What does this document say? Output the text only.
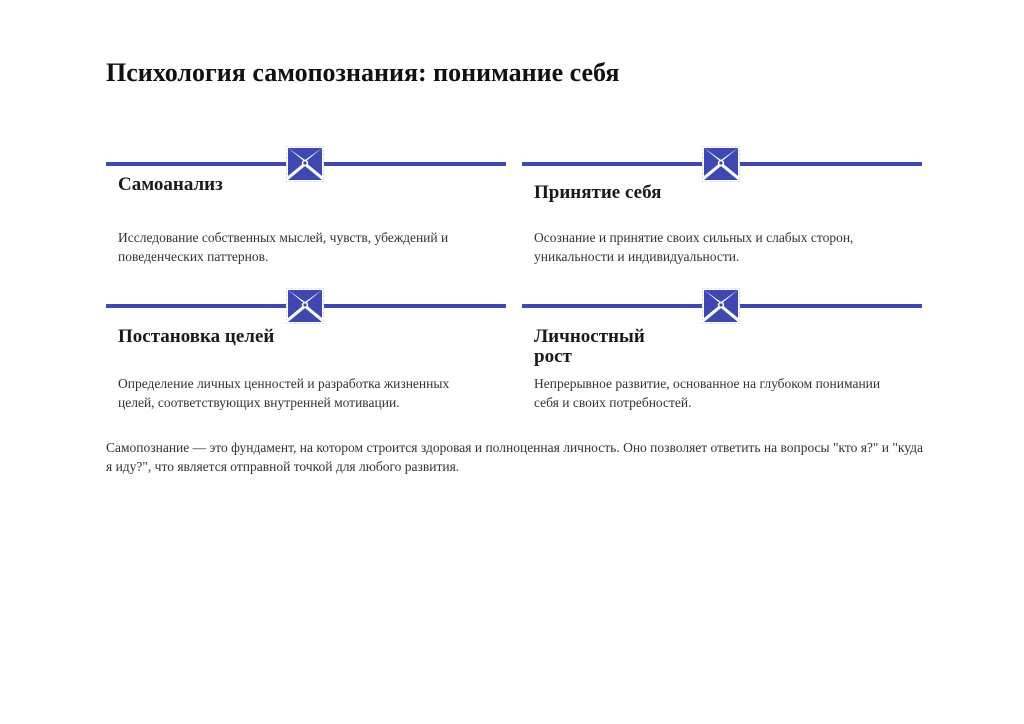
Психология самопознания: понимание себя
Самоанализ

Исследование собственных мыслей, чувств, убеждений и поведенческих паттернов.

Принятие себя

Осознание и принятие своих сильных и слабых сторон, уникальности и индивидуальности.

Постановка целей

Определение личных ценностей и разработка жизненных целей, соответствующих внутренней мотивации.

Личностный рост

Непрерывное развитие, основанное на глубоком понимании себя и своих потребностей.

Самопознание — это фундамент, на котором строится здоровая и полноценная личность. Оно позволяет ответить на вопросы "кто я?" и "куда я иду?", что является отправной точкой для любого развития.
